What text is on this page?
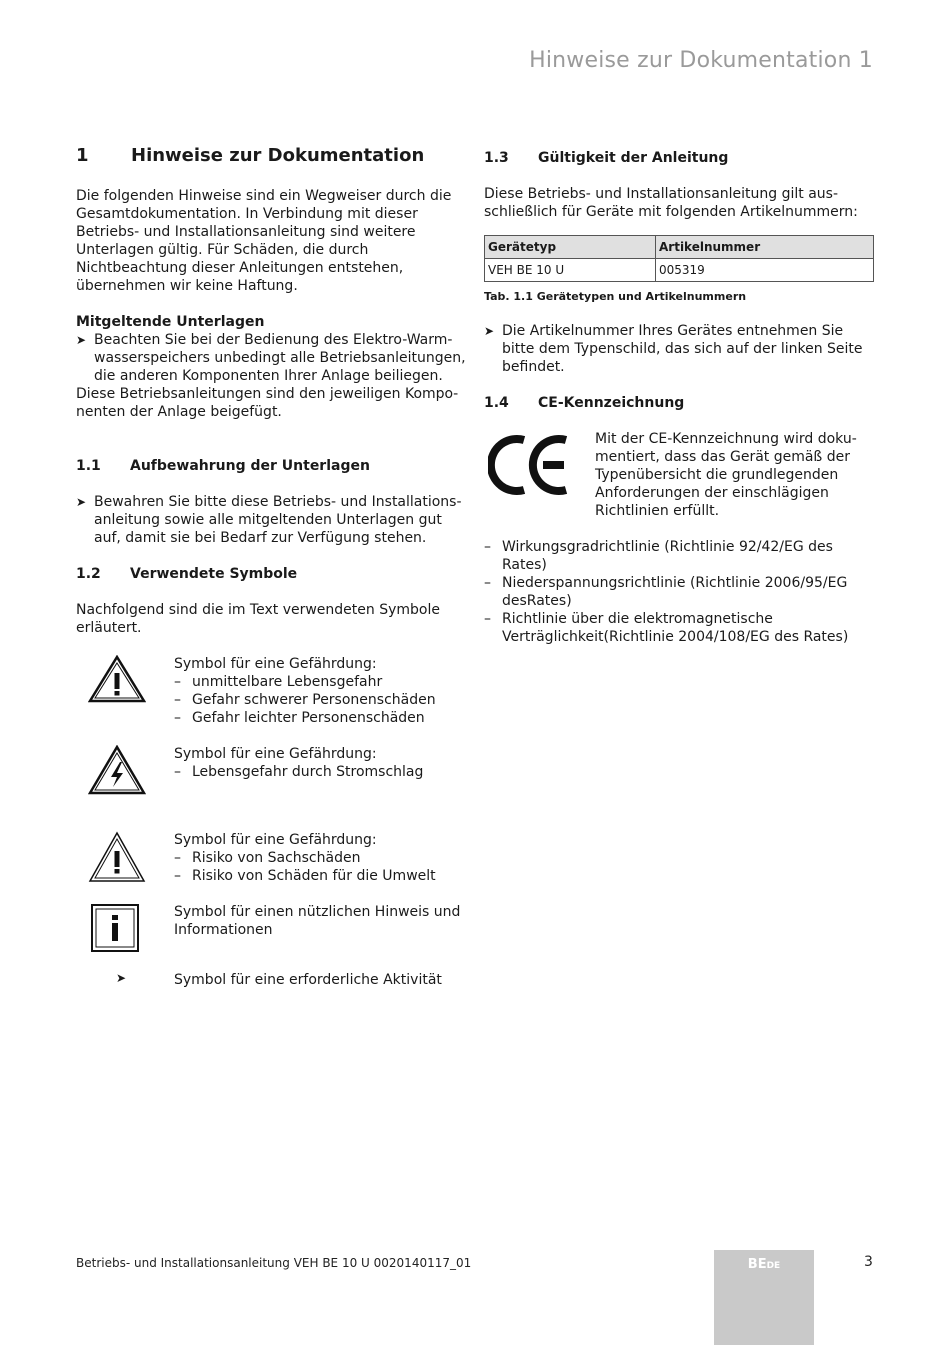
Hinweise zur Dokumentation 1
1	Hinweise zur Dokumentation

Die folgenden Hinweise sind ein Wegweiser durch die Gesamtdokumentation. In Verbindung mit dieser Betriebs- und Installationsanleitung sind weitere Unterlagen gültig. Für Schäden, die durch Nichtbeachtung dieser Anleitungen entstehen, übernehmen wir keine Haftung.

Mitgeltende Unterlagen

➤ Beachten Sie bei der Bedienung des Elektro-Warmwasserspeichers unbedingt alle Betriebsanleitungen, die anderen Komponenten Ihrer Anlage beiliegen.

Diese Betriebsanleitungen sind den jeweiligen Komponenten der Anlage beigefügt.

1.1	Aufbewahrung der Unterlagen
➤ Bewahren Sie bitte diese Betriebs- und Installationsanleitung sowie alle mitgeltenden Unterlagen gut auf, damit sie bei Bedarf zur Verfügung stehen.
1.2	Verwendete Symbole

Nachfolgend sind die im Text verwendeten Symbole erläutert.

Symbol für eine Gefährdung:

– unmittelbare Lebensgefahr
– Gefahr schwerer Personenschäden
– Gefahr leichter Personenschäden

Symbol für eine Gefährdung:

– Lebensgefahr durch Stromschlag

Symbol für eine Gefährdung:

– Risiko von Sachschäden
– Risiko von Schäden für die Umwelt

Symbol für einen nützlichen Hinweis und Informationen

➤	Symbol für eine erforderliche Aktivität

1.3	Gültigkeit der Anleitung

Diese Betriebs- und Installationsanleitung gilt ausschließlich für Geräte mit folgenden Artikelnummern:

Gerätetyp	Artikelnummer
VEH BE 10 U	005319

Tab. 1.1 Gerätetypen und Artikelnummern

➤ Die Artikelnummer Ihres Gerätes entnehmen Sie bitte dem Typenschild, das sich auf der linken Seite befindet.
1.4	CE-Kennzeichnung

Mit der CE-Kennzeichnung wird dokumentiert, dass das Gerät gemäß der Typenübersicht die grundlegenden Anforderungen der einschlägigen Richtlinien erfüllt.

– Wirkungsgradrichtlinie (Richtlinie 92/42/EG des Rates)
– Niederspannungsrichtlinie (Richtlinie 2006/95/EG desRates)
– Richtlinie über die elektromagnetische Verträglichkeit(Richtlinie 2004/108/EG des Rates)
Betriebs- und Installationsanleitung VEH BE 10 U 0020140117_01	BEDE	3
